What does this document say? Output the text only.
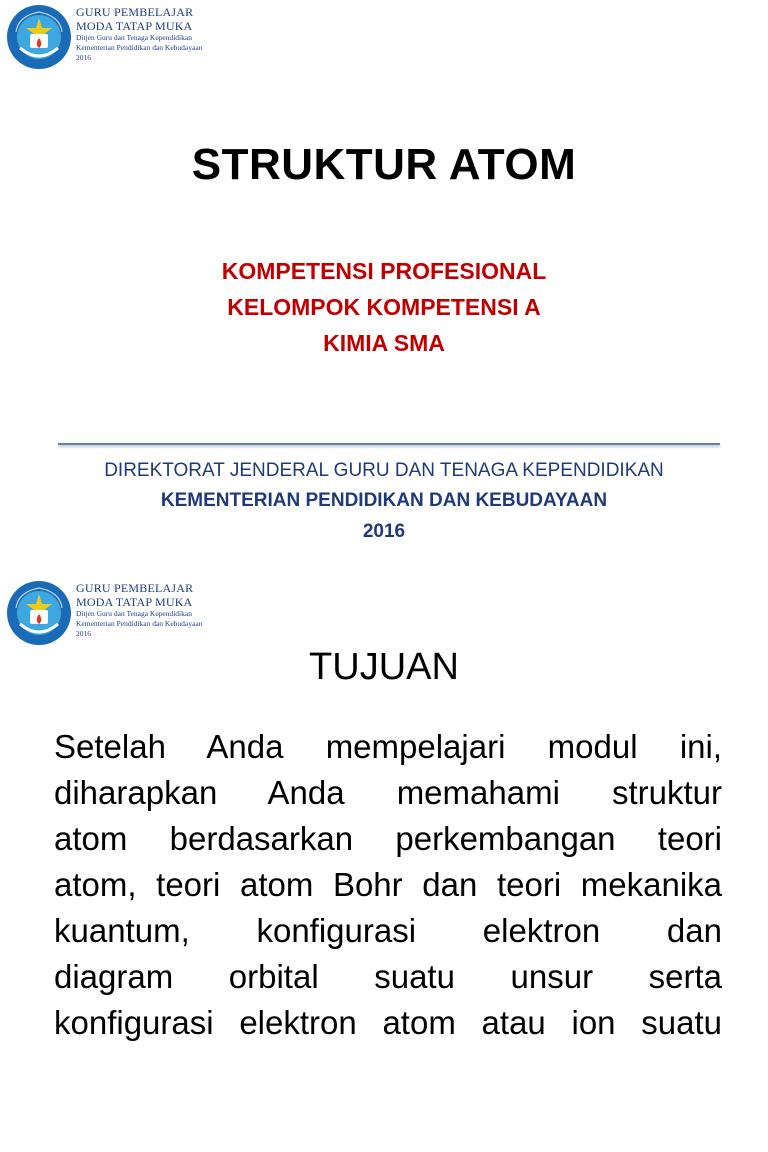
GURU PEMBELAJAR
MODA TATAP MUKA
Ditjen Guru dan Tenaga Kependidikan
Kementerian Pendidikan dan Kebudayaan
2016
STRUKTUR ATOM
KOMPETENSI PROFESIONAL
KELOMPOK KOMPETENSI A
KIMIA SMA
DIREKTORAT JENDERAL GURU DAN TENAGA KEPENDIDIKAN
KEMENTERIAN PENDIDIKAN DAN KEBUDAYAAN
2016
GURU PEMBELAJAR
MODA TATAP MUKA
Ditjen Guru dan Tenaga Kependidikan
Kementerian Pendidikan dan Kebudayaan
2016
TUJUAN
Setelah Anda mempelajari modul ini,
diharapkan Anda memahami struktur
atom berdasarkan perkembangan teori
atom, teori atom Bohr dan teori mekanika
kuantum, konfigurasi elektron dan
diagram orbital suatu unsur serta
konfigurasi elektron atom atau ion suatu
